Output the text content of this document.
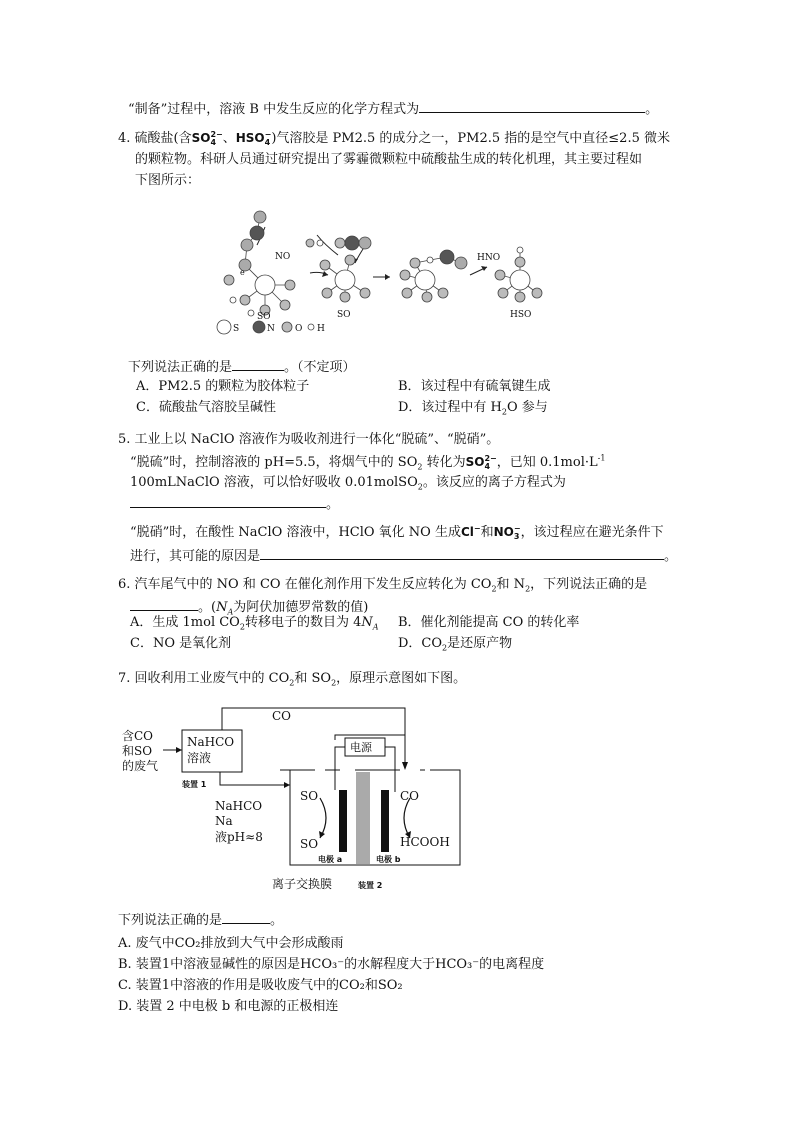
“制备”过程中，溶液 B 中发生反应的化学方程式为	。
4. 硫酸盐(含SO 2−
4 、HSO −
4 )气溶胶是 PM2.5 的成分之一，PM2.5 指的是空气中直径≤2.5 微米
的颗粒物。科研人员通过研究提出了雾霾微颗粒中硫酸盐生成的转化机理，其主要过程如
下图所示：
e
NO
SO	SO
HNO
HSO
S	N O H
下列说法正确的是	。（不定项）
A．PM2.5 的颗粒为胶体粒子	B．该过程中有硫氧键生成
C．硫酸盐气溶胶呈碱性	D．该过程中有 $H_2O$ 参与
5. 工业上以 NaClO 溶液作为吸收剂进行一体化“脱硫”、“脱硝”。
“脱硫”时，控制溶液的 pH=5.5，将烟气中的 $SO_2$ 转化为SO 2−
4 ，已知 $0.1mol\cdot L^{-1}$
100mLNaClO 溶液，可以恰好吸收 0.01molSO$_2$。该反应的离子方程式为
。
“脱硝”时，在酸性 NaClO 溶液中，HClO 氧化 NO 生成Cl−和NO −
3 ，该过程应在避光条件下
进行，其可能的原因是	。
6. 汽车尾气中的 NO 和 CO 在催化剂作用下发生反应转化为 $CO_2$和 $N_2$，下列说法正确的是
。($N_A$为阿伏加德罗常数的值)
A．生成 1mol $CO_2$转移电子的数目为 $4N_A$ B．催化剂能提高 CO 的转化率
C．NO 是氧化剂	D．$CO_2$是还原产物
7. 回收利用工业废气中的 $CO_2$和 $SO_2$，原理示意图如下图。
含CO
和SO
的废气
NaHCO
溶液
CO
电源
NaHCO
Na
液pH≈8
SO
SO
CO
HCOOH
离子交换膜
装置 1
电极 a	电极 b
装置 2
下列说法正确的是	。
A. 废气中CO₂排放到大气中会形成酸雨
B. 装置1中溶液显碱性的原因是HCO₃⁻的水解程度大于HCO₃⁻的电离程度
C. 装置1中溶液的作用是吸收废气中的CO₂和SO₂
D. 装置 2 中电极 b 和电源的正极相连
